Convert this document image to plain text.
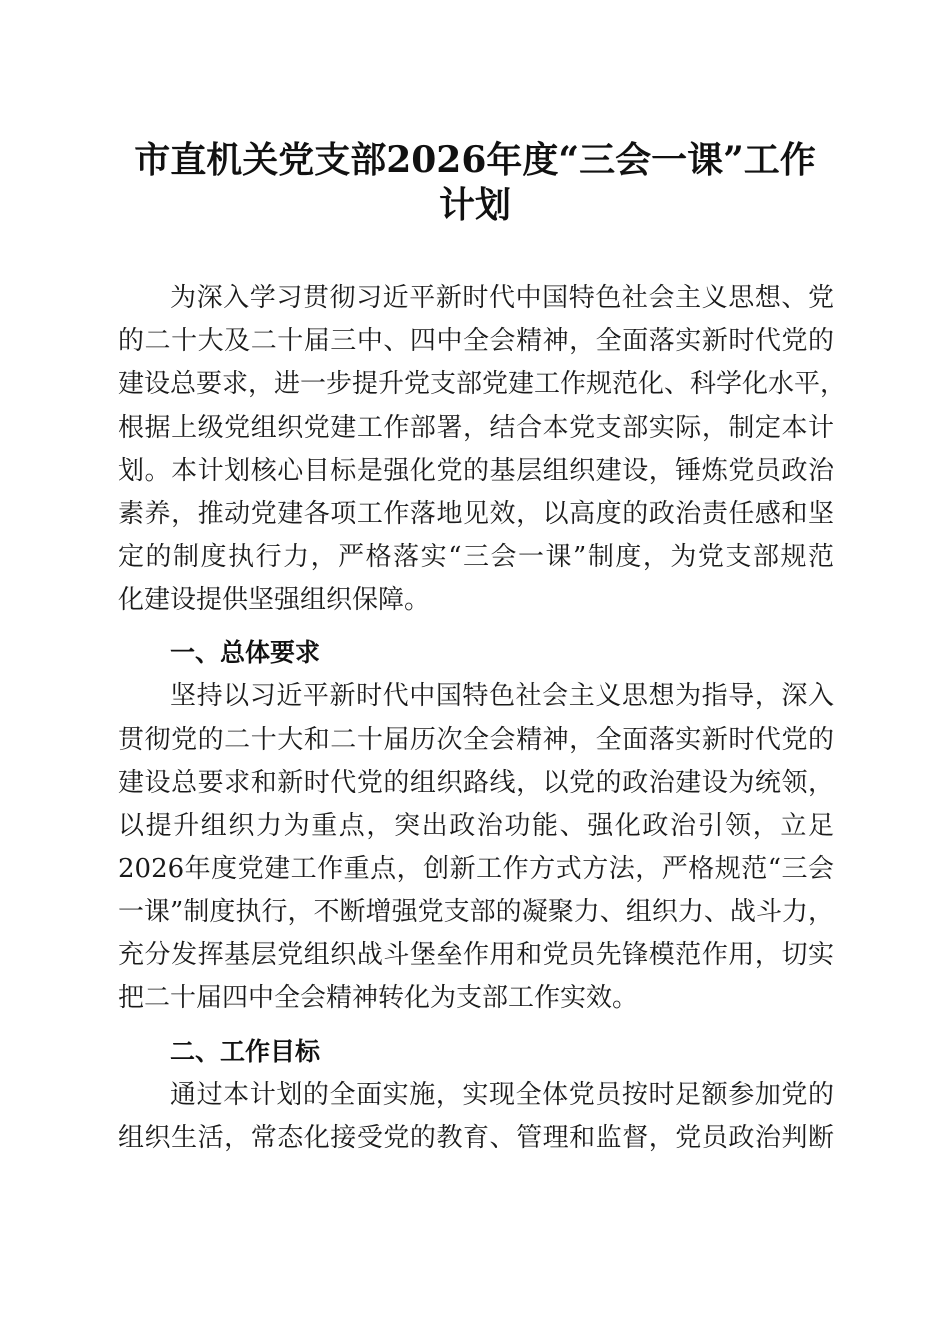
市直机关党支部2026年度“三会一课”工作
计划

为深入学习贯彻习近平新时代中国特色社会主义思想、党

的二十大及二十届三中、四中全会精神，全面落实新时代党的

建设总要求，进一步提升党支部党建工作规范化、科学化水平，

根据上级党组织党建工作部署，结合本党支部实际，制定本计

划。本计划核心目标是强化党的基层组织建设，锤炼党员政治

素养，推动党建各项工作落地见效，以高度的政治责任感和坚

定的制度执行力，严格落实“三会一课”制度，为党支部规范

化建设提供坚强组织保障。

一、总体要求

坚持以习近平新时代中国特色社会主义思想为指导，深入

贯彻党的二十大和二十届历次全会精神，全面落实新时代党的

建设总要求和新时代党的组织路线，以党的政治建设为统领，

以提升组织力为重点，突出政治功能、强化政治引领，立足

2026年度党建工作重点，创新工作方式方法，严格规范“三会

一课”制度执行，不断增强党支部的凝聚力、组织力、战斗力，

充分发挥基层党组织战斗堡垒作用和党员先锋模范作用，切实

把二十届四中全会精神转化为支部工作实效。

二、工作目标

通过本计划的全面实施，实现全体党员按时足额参加党的

组织生活，常态化接受党的教育、管理和监督，党员政治判断
